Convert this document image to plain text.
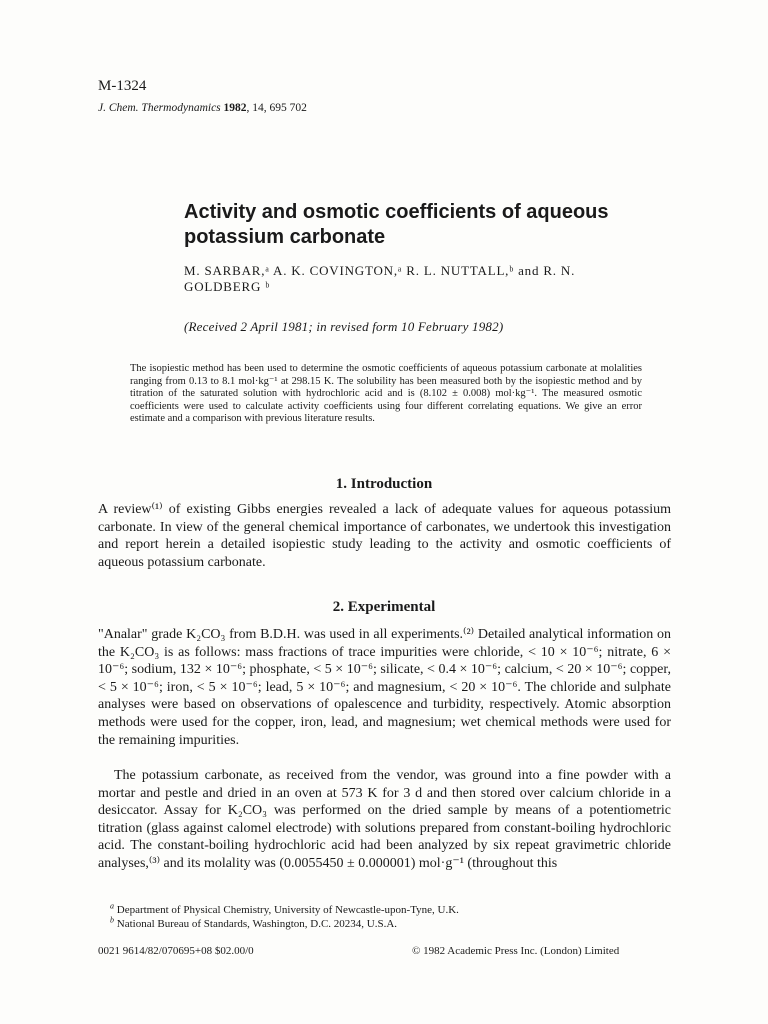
M-1324
J. Chem. Thermodynamics 1982, 14, 695 702
Activity and osmotic coefficients of aqueous potassium carbonate
M. SARBAR,ᵃ A. K. COVINGTON,ᵃ R. L. NUTTALL,ᵇ and R. N. GOLDBERG ᵇ
(Received 2 April 1981; in revised form 10 February 1982)
The isopiestic method has been used to determine the osmotic coefficients of aqueous potassium carbonate at molalities ranging from 0.13 to 8.1 mol·kg⁻¹ at 298.15 K. The solubility has been measured both by the isopiestic method and by titration of the saturated solution with hydrochloric acid and is (8.102 ± 0.008) mol·kg⁻¹. The measured osmotic coefficients were used to calculate activity coefficients using four different correlating equations. We give an error estimate and a comparison with previous literature results.
1. Introduction
A review⁽¹⁾ of existing Gibbs energies revealed a lack of adequate values for aqueous potassium carbonate. In view of the general chemical importance of carbonates, we undertook this investigation and report herein a detailed isopiestic study leading to the activity and osmotic coefficients of aqueous potassium carbonate.
2. Experimental
"Analar" grade K₂CO₃ from B.D.H. was used in all experiments.⁽²⁾ Detailed analytical information on the K₂CO₃ is as follows: mass fractions of trace impurities were chloride, < 10 × 10⁻⁶; nitrate, 6 × 10⁻⁶; sodium, 132 × 10⁻⁶; phosphate, < 5 × 10⁻⁶; silicate, < 0.4 × 10⁻⁶; calcium, < 20 × 10⁻⁶; copper, < 5 × 10⁻⁶; iron, < 5 × 10⁻⁶; lead, 5 × 10⁻⁶; and magnesium, < 20 × 10⁻⁶. The chloride and sulphate analyses were based on observations of opalescence and turbidity, respectively. Atomic absorption methods were used for the copper, iron, lead, and magnesium; wet chemical methods were used for the remaining impurities.
The potassium carbonate, as received from the vendor, was ground into a fine powder with a mortar and pestle and dried in an oven at 573 K for 3 d and then stored over calcium chloride in a desiccator. Assay for K₂CO₃ was performed on the dried sample by means of a potentiometric titration (glass against calomel electrode) with solutions prepared from constant-boiling hydrochloric acid. The constant-boiling hydrochloric acid had been analyzed by six repeat gravimetric chloride analyses,⁽³⁾ and its molality was (0.0055450 ± 0.000001) mol·g⁻¹ (throughout this
$^a$ Department of Physical Chemistry, University of Newcastle-upon-Tyne, U.K.
$^b$ National Bureau of Standards, Washington, D.C. 20234, U.S.A.
0021 9614/82/070695+08 $02.00/0	© 1982 Academic Press Inc. (London) Limited
